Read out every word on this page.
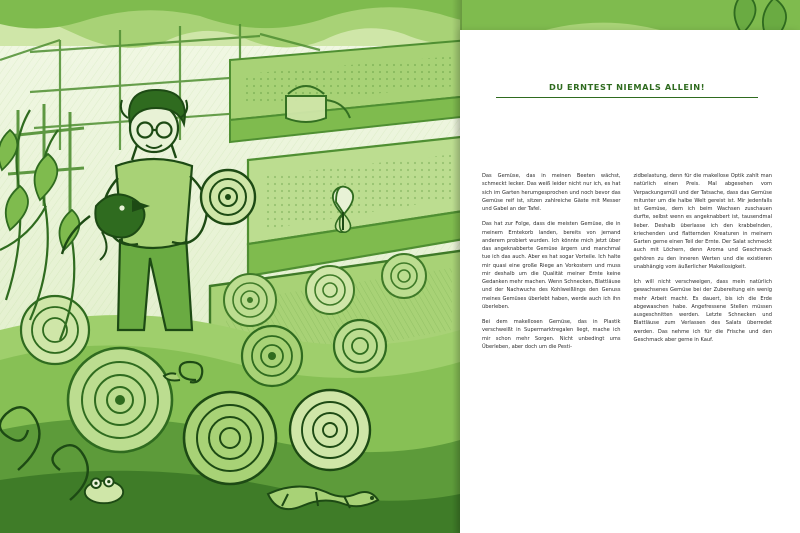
DU ERNTEST NIEMALS ALLEIN!

Das Gemüse, das in meinen Beeten wächst, schmeckt lecker. Das weiß leider nicht nur ich, es hat sich im Garten herumgesprochen und noch bevor das Gemüse reif ist, sitzen zahlreiche Gäste mit Messer und Gabel an der Tafel.

Das hat zur Folge, dass die meisten Gemüse, die in meinem Erntekorb landen, bereits von jemand anderem probiert wurden. Ich könnte mich jetzt über das angeknabberte Gemüse ärgern und manchmal tue ich das auch. Aber es hat sogar Vorteile. Ich halte mir quasi eine große Riege an Vorkostern und muss mir deshalb um die Qualität meiner Ernte keine Gedanken mehr machen. Wenn Schnecken, Blattläuse und der Nachwuchs des Kohlweißlings den Genuss meines Gemüses überlebt haben, werde auch ich ihn überleben.

Bei dem makellosen Gemüse, das in Plastik verschweißt in Supermarktregalen liegt, mache ich mir schon mehr Sorgen. Nicht unbedingt ums Überleben, aber doch um die Pesti-

zidbelastung, denn für die makellose Optik zahlt man natürlich einen Preis. Mal abgesehen vom Verpackungsmüll und der Tatsache, dass das Gemüse mitunter um die halbe Welt gereist ist. Mir jedenfalls ist Gemüse, dem ich beim Wachsen zuschauen durfte, selbst wenn es angeknabbert ist, tausendmal lieber. Deshalb überlasse ich den krabbelnden, kriechenden und flatternden Kreaturen in meinem Garten gerne einen Teil der Ernte. Der Salat schmeckt auch mit Löchern, denn Aroma und Geschmack gehören zu den inneren Werten und die existieren unabhängig vom äußerlicher Makellosigkeit.

Ich will nicht verschweigen, dass mein natürlich gewachsenes Gemüse bei der Zubereitung ein wenig mehr Arbeit macht. Es dauert, bis ich die Erde abgewaschen habe. Angefressene Stellen müssen ausgeschnitten werden. Letzte Schnecken und Blattläuse zum Verlassen des Salats überredet werden. Das nehme ich für die Frische und den Geschmack aber gerne in Kauf.
